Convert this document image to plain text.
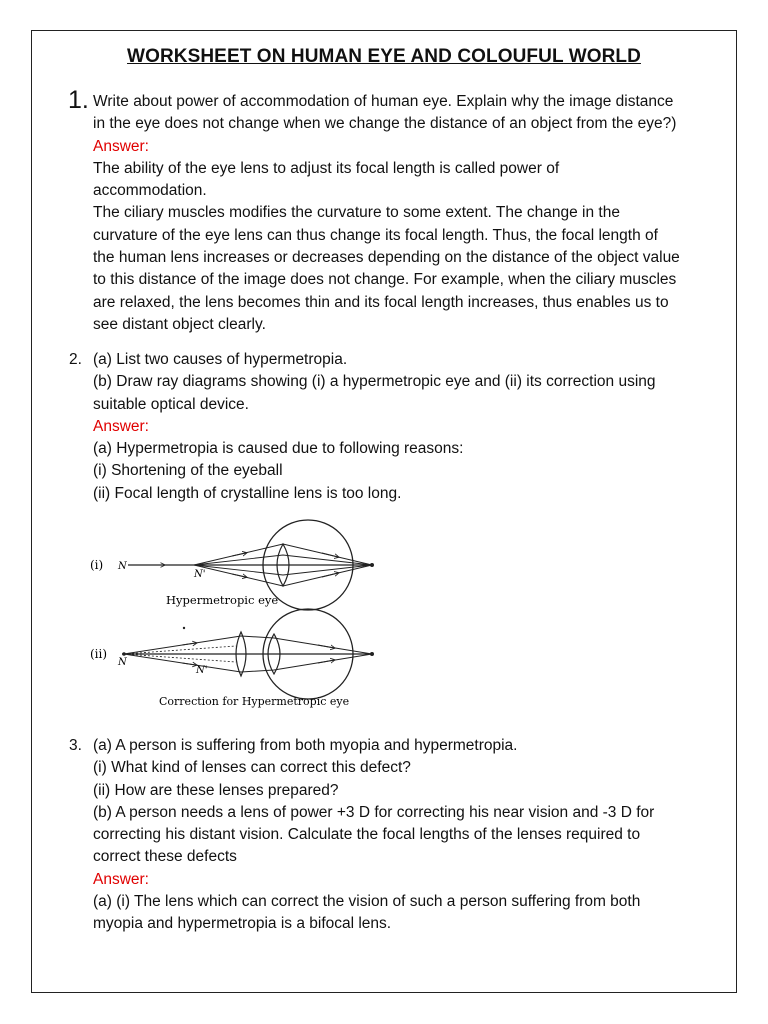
WORKSHEET ON HUMAN EYE AND COLOUFUL WORLD
1. Write about power of accommodation of human eye. Explain why the image distance

in the eye does not change when we change the distance of an object from the eye?)

Answer:

The ability of the eye lens to adjust its focal length is called power of

accommodation.

The ciliary muscles modifies the curvature to some extent. The change in the

curvature of the eye lens can thus change its focal length. Thus, the focal length of

the human lens increases or decreases depending on the distance of the object value

to this distance of the image does not change. For example, when the ciliary muscles

are relaxed, the lens becomes thin and its focal length increases, thus enables us to

see distant object clearly.

2. (a) List two causes of hypermetropia.

(b) Draw ray diagrams showing (i) a hypermetropic eye and (ii) its correction using

suitable optical device.

Answer:

(a) Hypermetropia is caused due to following reasons:

(i) Shortening of the eyeball

(ii) Focal length of crystalline lens is too long.

(i) N
N'
Hypermetropic eye
(ii)
N
N'
Correction for Hypermetropic eye
3. (a) A person is suffering from both myopia and hypermetropia.

(i) What kind of lenses can correct this defect?

(ii) How are these lenses prepared?

(b) A person needs a lens of power +3 D for correcting his near vision and -3 D for

correcting his distant vision. Calculate the focal lengths of the lenses required to

correct these defects

Answer:

(a) (i) The lens which can correct the vision of such a person suffering from both

myopia and hypermetropia is a bifocal lens.
